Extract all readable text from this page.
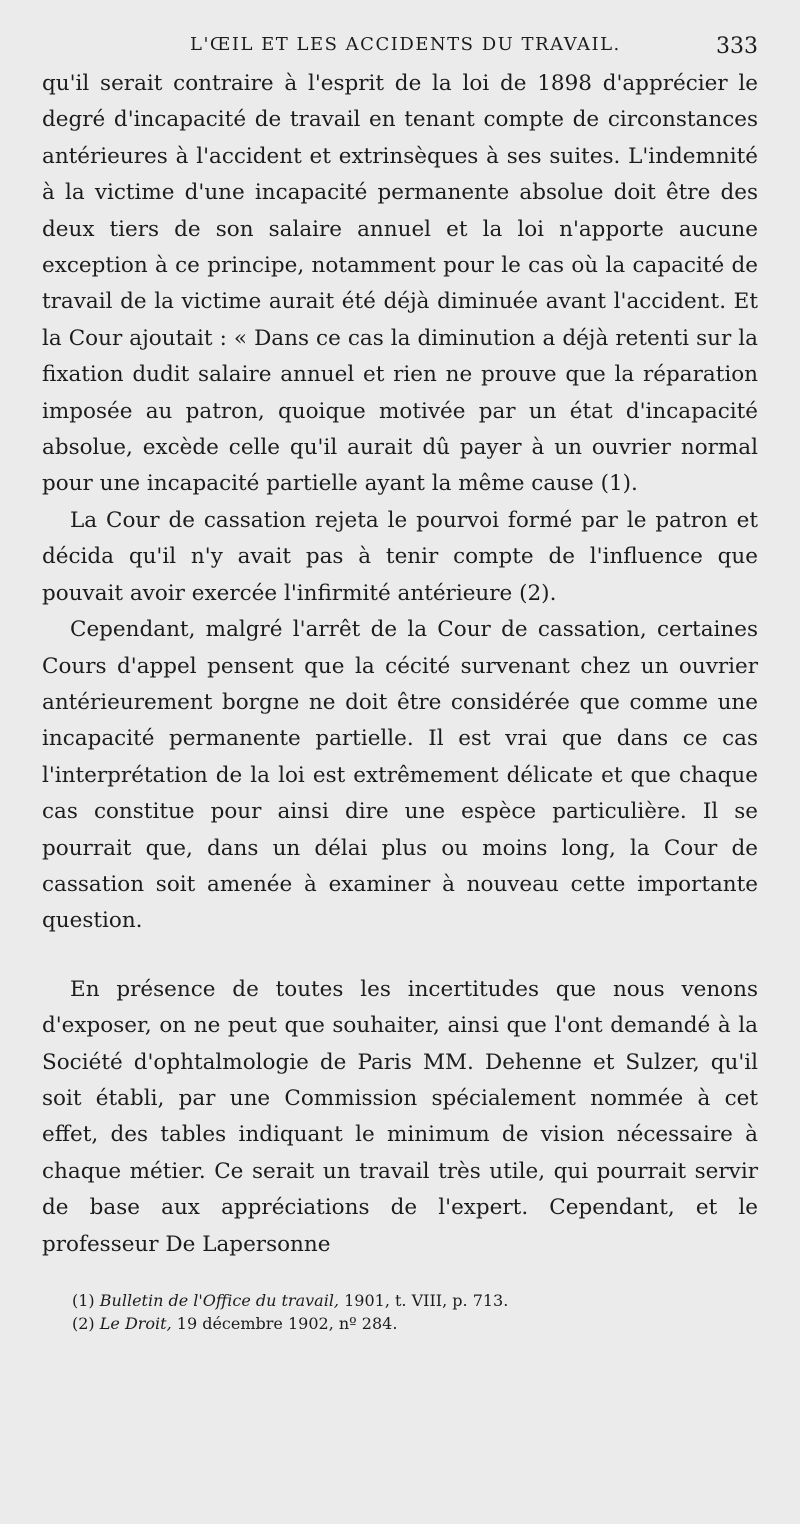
L'ŒIL ET LES ACCIDENTS DU TRAVAIL.	333

qu'il serait contraire à l'esprit de la loi de 1898 d'apprécier le degré d'incapacité de travail en tenant compte de circonstances antérieures à l'accident et extrinsèques à ses suites. L'indemnité à la victime d'une incapacité permanente absolue doit être des deux tiers de son salaire annuel et la loi n'apporte aucune exception à ce principe, notamment pour le cas où la capacité de travail de la victime aurait été déjà diminuée avant l'accident. Et la Cour ajoutait : « Dans ce cas la diminution a déjà retenti sur la fixation dudit salaire annuel et rien ne prouve que la réparation imposée au patron, quoique motivée par un état d'incapacité absolue, excède celle qu'il aurait dû payer à un ouvrier normal pour une incapacité partielle ayant la même cause (1).

La Cour de cassation rejeta le pourvoi formé par le patron et décida qu'il n'y avait pas à tenir compte de l'influence que pouvait avoir exercée l'infirmité antérieure (2).

Cependant, malgré l'arrêt de la Cour de cassation, certaines Cours d'appel pensent que la cécité survenant chez un ouvrier antérieurement borgne ne doit être considérée que comme une incapacité permanente partielle. Il est vrai que dans ce cas l'interprétation de la loi est extrêmement délicate et que chaque cas constitue pour ainsi dire une espèce particulière. Il se pourrait que, dans un délai plus ou moins long, la Cour de cassation soit amenée à examiner à nouveau cette importante question.

En présence de toutes les incertitudes que nous venons d'exposer, on ne peut que souhaiter, ainsi que l'ont demandé à la Société d'ophtalmologie de Paris MM. Dehenne et Sulzer, qu'il soit établi, par une Commission spécialement nommée à cet effet, des tables indiquant le minimum de vision nécessaire à chaque métier. Ce serait un travail très utile, qui pourrait servir de base aux appréciations de l'expert. Cependant, et le professeur De Lapersonne

(1) Bulletin de l'Office du travail, 1901, t. VIII, p. 713.
(2) Le Droit, 19 décembre 1902, nº 284.
